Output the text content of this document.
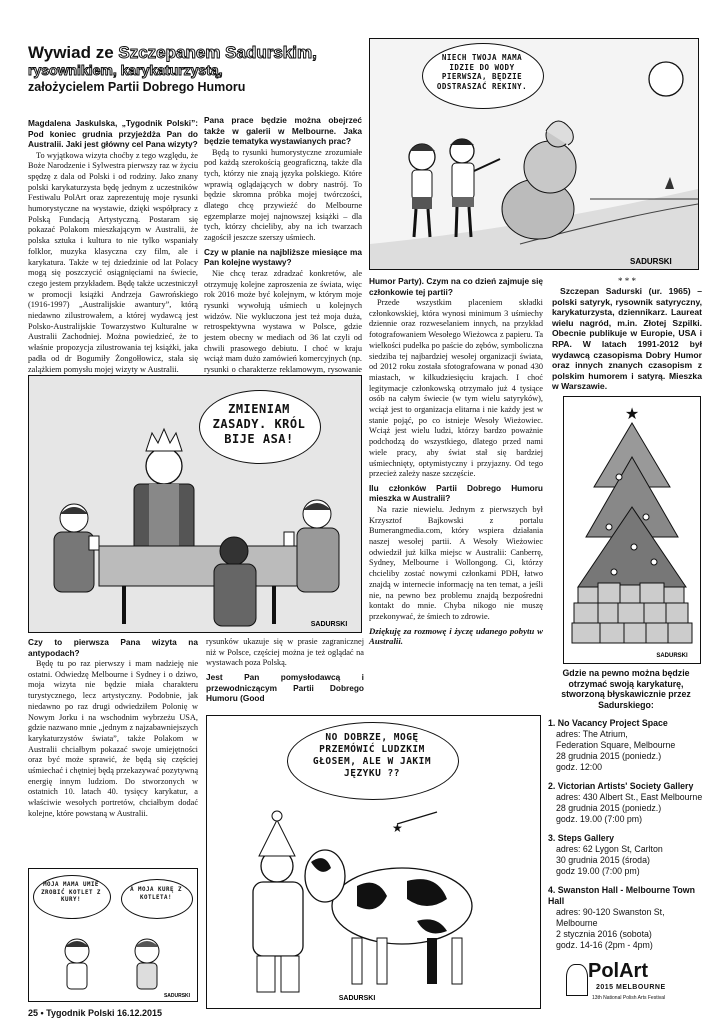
Wywiad ze Szczepanem Sadurskim,
rysownikiem, karykaturzystą,
założycielem Partii Dobrego Humoru

Magdalena Jaskulska, „Tygodnik Polski”: Pod koniec grudnia przyjeżdża Pan do Australii. Jaki jest główny cel Pana wizyty?

To wyjątkowa wizyta choćby z tego względu, że Boże Narodzenie i Sylwestra pierwszy raz w życiu spędzę z dala od Polski i od rodziny. Jako znany polski karykaturzysta będę jednym z uczestników Festiwalu PolArt oraz zaprezentuję moje rysunki humorystyczne na wystawie, dzięki współpracy z Polską Fundacją Artystyczną. Postaram się pokazać Polakom mieszkającym w Australii, że polska sztuka i kultura to nie tylko wspaniały folklor, muzyka klasyczna czy film, ale i karykatura. Także w tej dziedzinie od lat Polacy mogą się poszczycić osiągnięciami na świecie, czego jestem przykładem. Będę także uczestniczył w promocji książki Andrzeja Gawrońskiego (1916-1997) „Australijskie awantury”, którą niedawno zilustrowałem, a której wydawcą jest Polsko-Australijskie Towarzystwo Kulturalne w Australii Zachodniej. Można powiedzieć, że to właśnie propozycja zilustrowania tej książki, jaka padła od dr Bogumiły Żongołłowicz, stała się zalążkiem pomysłu mojej wizyty w Australii.

Pana prace będzie można obejrzeć także w galerii w Melbourne. Jaka będzie tematyka wystawianych prac?

Będą to rysunki humorystyczne zrozumiałe pod każdą szerokością geograficzną, także dla tych, którzy nie znają języka polskiego. Które wprawią oglądających w dobry nastrój. To będzie skromna próbka mojej twórczości, dlatego chcę przywieźć do Melbourne egzemplarze mojej najnowszej książki – dla tych, którzy chcieliby, aby na ich twarzach zagościł jeszcze szerszy uśmiech.

Czy w planie na najbliższe miesiące ma Pan kolejne wystawy?

Nie chcę teraz zdradzać konkretów, ale otrzymuję kolejne zaproszenia ze świata, więc rok 2016 może być kolejnym, w którym moje rysunki wywołują uśmiech u kolejnych widzów. Nie wykluczona jest też moja duża, retrospektywna wystawa w Polsce, gdzie jestem obecny w mediach od 36 lat czyli od chwili prasowego debiutu. I choć w kraju wciąż mam dużo zamówień komercyjnych (np. rysunki o charakterze reklamowym, rysowanie

SADURSKI
NIECH TWOJA MAMA IDZIE DO WODY PIERWSZA, BĘDZIE ODSTRASZAĆ REKINY.

Humor Party). Czym na co dzień zajmuje się członkowie tej partii?

Przede wszystkim placeniem składki członkowskiej, która wynosi minimum 3 uśmiechy dziennie oraz rozweselaniem innych, na przykład fotografowaniem Wesołego Wieżowca z papieru. Ta wielkości pudełka po paście do zębów, symboliczna siedziba tej najbardziej wesołej organizacji świata, od 2012 roku została sfotografowana w ponad 430 miastach, w kilkudziesięciu krajach. I choć legitymacje członkowską otrzymało już 4 tysiące osób na całym świecie (w tym wielu satyryków), wciąż jest to organizacja elitarna i nie każdy jest w stanie pojąć, po co istnieje Wesoły Wieżowiec. Wciąż jest wielu ludzi, którzy bardzo poważnie podchodzą do wszystkiego, dlatego przed nami wiele pracy, aby świat stał się bardziej uśmiechnięty, optymistyczny i przyjazny. Od tego przecież zależy nasze szczęście.

Ilu członków Partii Dobrego Humoru mieszka w Australii?

Na razie niewielu. Jednym z pierwszych był Krzysztof Bajkowski z portalu Bumerangmedia.com, który wspiera działania naszej wesołej partii. A Wesoły Wieżowiec odwiedził już kilka miejsc w Australii: Canberrę, Sydney, Melbourne i Wollongong. Ci, którzy chcieliby zostać nowymi członkami PDH, łatwo znajdą w internecie informację na ten temat, a jeśli nie, na pewno bez problemu znajdą bezpośredni kontakt do mnie. Chyba nikogo nie muszę przekonywać, że śmiech to zdrowie.

Dziękuję za rozmowę i życzę udanego pobytu w Australii.

* * *
Szczepan Sadurski (ur. 1965) – polski satyryk, rysownik satyryczny, karykaturzysta, dziennikarz. Laureat wielu nagród, m.in. Złotej Szpilki. Obecnie publikuje w Europie, USA i RPA. W latach 1991-2012 był wydawcą czasopisma Dobry Humor oraz innych znanych czasopism z polskim humorem i satyrą. Mieszka w Warszawie.
★
SADURSKI
SADURSKI
ZMIENIAM ZASADY. KRÓL BIJE ASA!

Czy to pierwsza Pana wizyta na antypodach?

Będę tu po raz pierwszy i mam nadzieję nie ostatni. Odwiedzę Melbourne i Sydney i o dziwo, moja wizyta nie będzie miała charakteru turystycznego, lecz artystyczny. Podobnie, jak niedawno po raz drugi odwiedziłem Polonię w Nowym Jorku i na wschodnim wybrzeżu USA, gdzie nazwano mnie „jednym z najzabawniejszych karykaturzystów świata”, także Polakom w Australii chciałbym pokazać swoje umiejętności oraz być może sprawić, że będą się częściej uśmiechać i chętniej będą przekazywać pozytywną energię innym ludziom. Do stworzonych w ostatnich 10. latach 40. tysięcy karykatur, a właściwie wesołych portretów, chciałbym dodać kolejne, które powstaną w Australii.

rysunków ukazuje się w prasie zagranicznej niż w Polsce, częściej można je też oglądać na wystawach poza Polską.

Jest Pan pomysłodawcą i przewodniczącym Partii Dobrego Humoru (Good

SADURSKI
MOJA MAMA UMIE ZROBIĆ KOTLET Z KURY!
A MOJA KURĘ Z KOTLETA!
★
SADURSKI
NO DOBRZE, MOGĘ PRZEMÓWIĆ LUDZKIM GŁOSEM, ALE W JAKIM JĘZYKU ??
Gdzie na pewno można będzie otrzymać swoją karykaturę, stworzoną błyskawicznie przez Sadurskiego:
1. No Vacancy Project Space
adres: The Atrium,
Federation Square, Melbourne
28 grudnia 2015 (poniedz.)
godz. 12:00
2. Victorian Artists' Society Gallery
adres: 430 Albert St., East Melbourne
28 grudnia 2015 (poniedz.)
godz. 19.00 (7:00 pm)
3. Steps Gallery
adres: 62 Lygon St, Carlton
30 grudnia 2015 (środa)
godz 19.00 (7:00 pm)
4. Swanston Hall - Melbourne Town Hall
adres: 90-120 Swanston St, Melbourne
2 stycznia 2016 (sobota)
godz. 14-16 (2pm - 4pm)
PolArt
2015 MELBOURNE
13th National Polish Arts Festival
25 • Tygodnik Polski 16.12.2015
